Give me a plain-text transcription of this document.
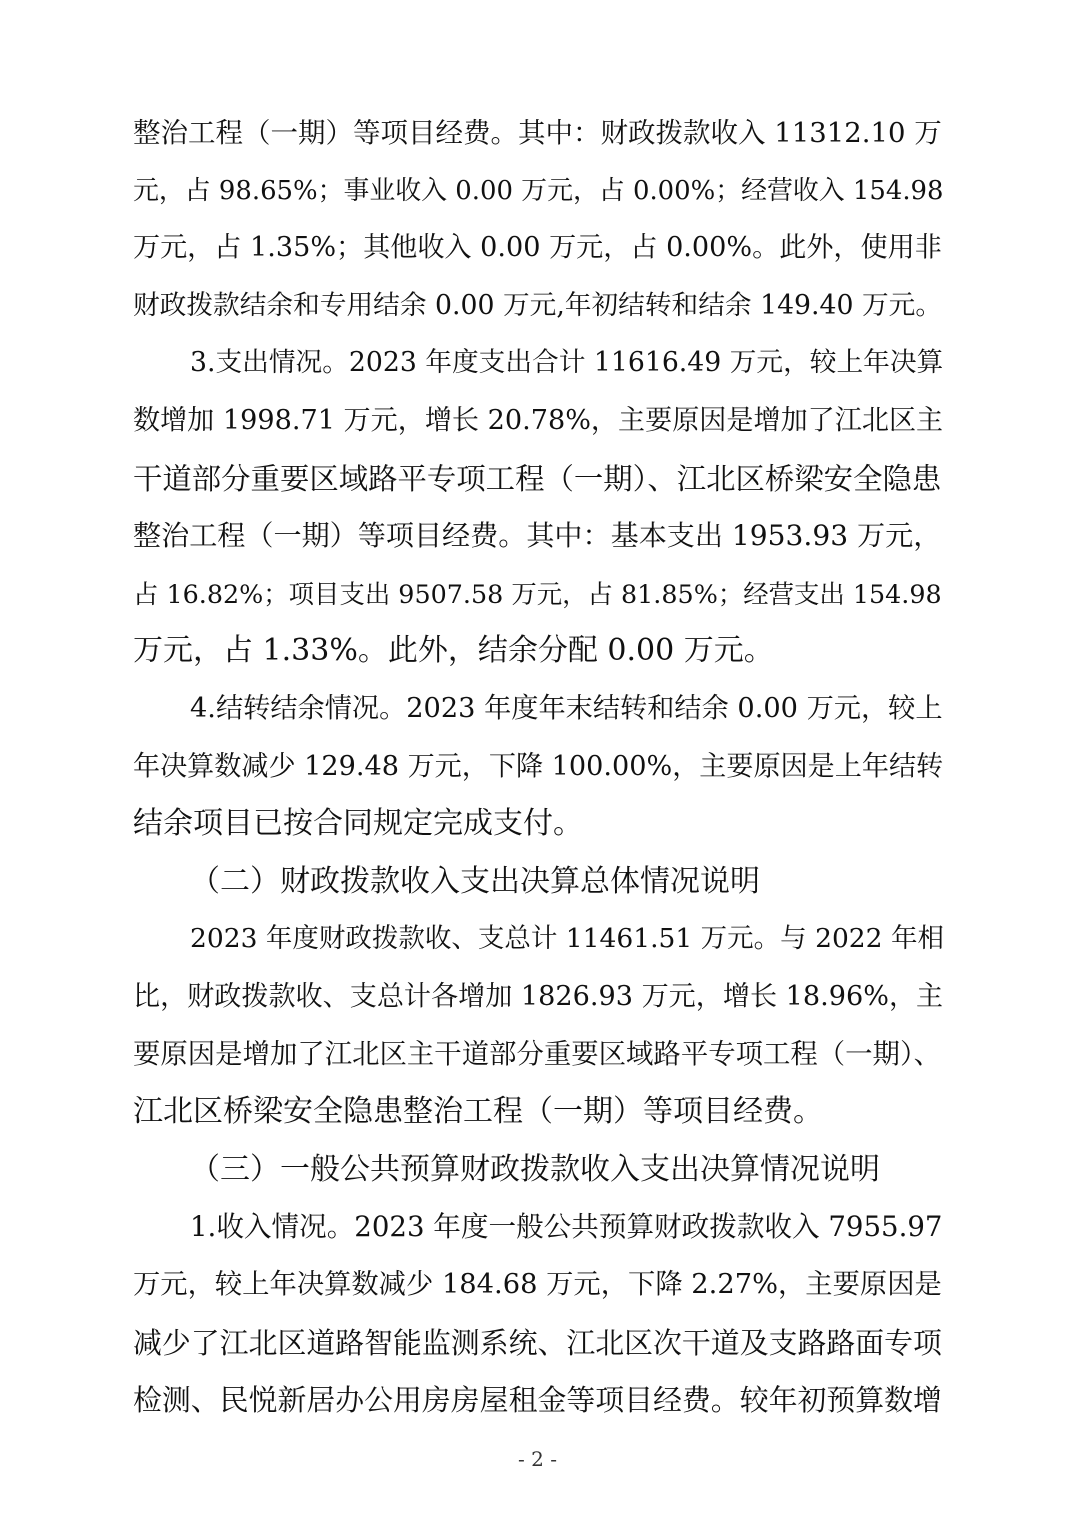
整治工程（一期）等项目经费。其中：财政拨款收入 11312.10 万
元，占 98.65%；事业收入 0.00 万元，占 0.00%；经营收入 154.98
万元，占 1.35%；其他收入 0.00 万元，占 0.00%。此外，使用非
财政拨款结余和专用结余 0.00 万元,年初结转和结余 149.40 万元。
3.支出情况。2023 年度支出合计 11616.49 万元，较上年决算
数增加 1998.71 万元，增长 20.78%，主要原因是增加了江北区主
干道部分重要区域路平专项工程（一期）、江北区桥梁安全隐患
整治工程（一期）等项目经费。其中：基本支出 1953.93 万元，
占 16.82%；项目支出 9507.58 万元，占 81.85%；经营支出 154.98
万元，占 1.33%。此外，结余分配 0.00 万元。
4.结转结余情况。2023 年度年末结转和结余 0.00 万元，较上
年决算数减少 129.48 万元，下降 100.00%，主要原因是上年结转
结余项目已按合同规定完成支付。
（二）财政拨款收入支出决算总体情况说明
2023 年度财政拨款收、支总计 11461.51 万元。与 2022 年相
比，财政拨款收、支总计各增加 1826.93 万元，增长 18.96%，主
要原因是增加了江北区主干道部分重要区域路平专项工程（一期）、
江北区桥梁安全隐患整治工程（一期）等项目经费。
（三）一般公共预算财政拨款收入支出决算情况说明
1.收入情况。2023 年度一般公共预算财政拨款收入 7955.97
万元，较上年决算数减少 184.68 万元，下降 2.27%，主要原因是
减少了江北区道路智能监测系统、江北区次干道及支路路面专项
检测、民悦新居办公用房房屋租金等项目经费。较年初预算数增
- 2 -
